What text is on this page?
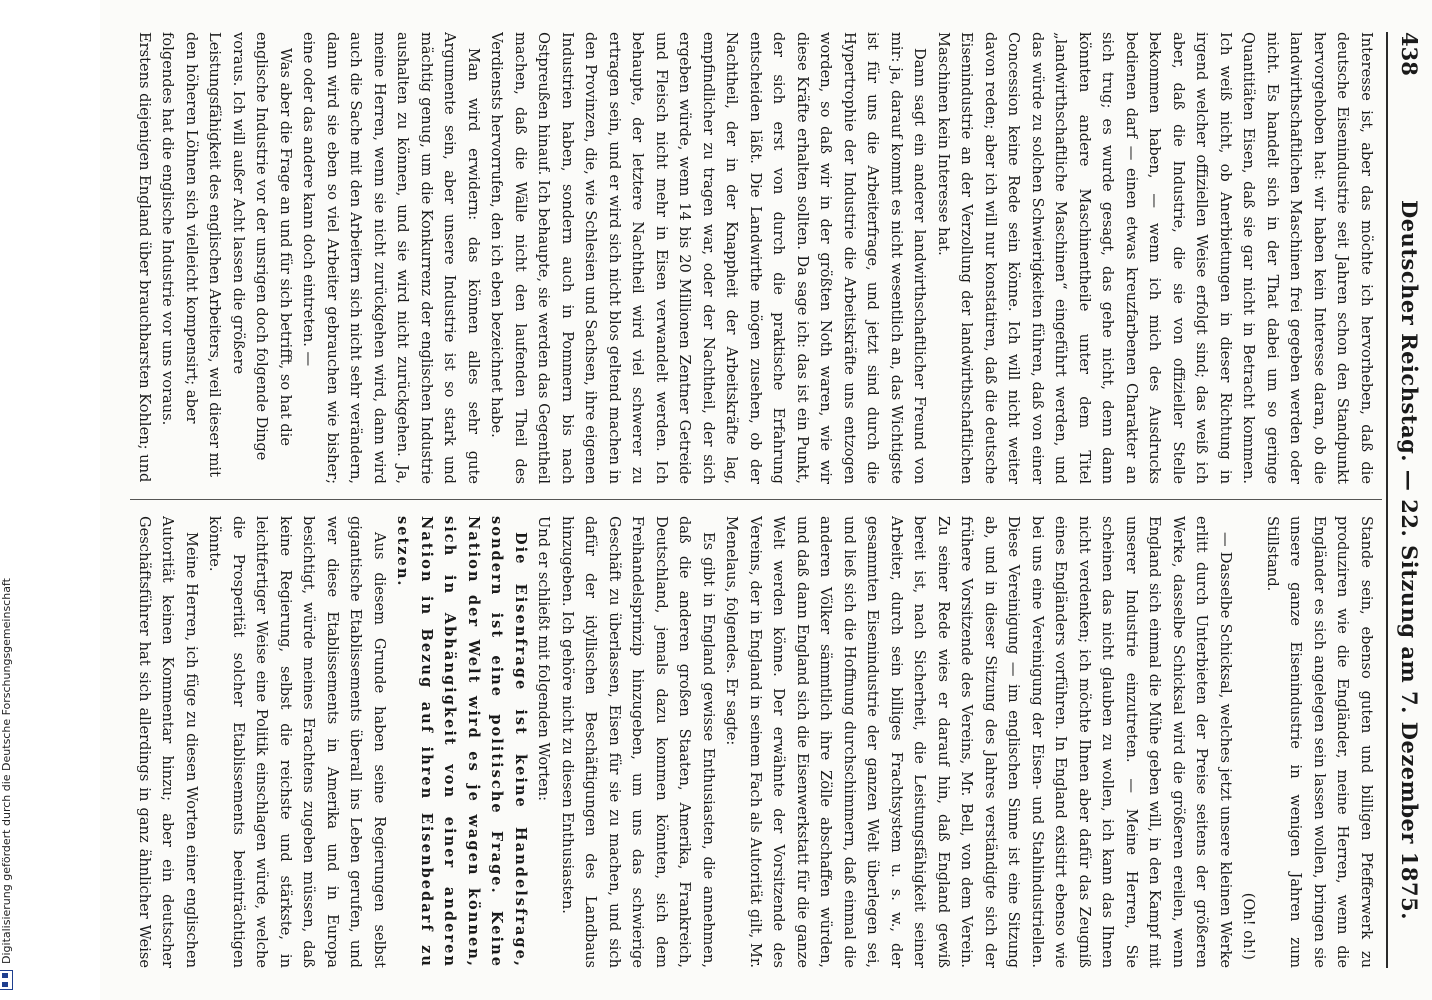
Digitalisierung gefördert durch die Deutsche Forschungsgemeinschaft
438
Deutscher Reichstag. — 22. Sitzung am 7. Dezember 1875.

Interesse ist, aber das möchte ich hervorheben, daß die deutsche Eisenindustrie seit Jahren schon den Standpunkt hervorgehoben hat: wir haben kein Interesse daran, ob die landwirthschaftlichen Maschinen frei gegeben werden oder nicht. Es handelt sich in der That dabei um so geringe Quantitäten Eisen, daß sie gar nicht in Betracht kommen. Ich weiß nicht, ob Anerbietungen in dieser Richtung in irgend welcher offiziellen Weise erfolgt sind; das weiß ich aber, daß die Industrie, die sie von offizieller Stelle bekommen haben, — wenn ich mich des Ausdrucks bedienen darf — einen etwas kreuzfarbenen Charakter an sich trug; es wurde gesagt, das gehe nicht, denn dann könnten andere Maschinentheile unter dem Titel „landwirthschaftliche Maschinen“ eingeführt werden, und das würde zu solchen Schwierigkeiten führen, daß von einer Concession keine Rede sein könne. Ich will nicht weiter davon reden; aber ich will nur konstatiren, daß die deutsche Eisenindustrie an der Verzollung der landwirthschaftlichen Maschinen kein Interesse hat.

Dann sagt ein anderer landwirthschaftlicher Freund von mir: ja, darauf kommt es nicht wesentlich an, das Wichtigste ist für uns die Arbeiterfrage, und jetzt sind durch die Hypertrophie der Industrie die Arbeitskräfte uns entzogen worden, so daß wir in der größten Noth waren, wie wir diese Kräfte erhalten sollten. Da sage ich: das ist ein Punkt, der sich erst von durch die praktische Erfahrung entscheiden läßt. Die Landwirthe mögen zusehen, ob der Nachtheil, der in der Knappheit der Arbeitskräfte lag, empfindlicher zu tragen war, oder der Nachtheil, der sich ergeben würde, wenn 14 bis 20 Millionen Zentner Getreide und Fleisch nicht mehr in Eisen verwandelt werden. Ich behaupte, der letztere Nachtheil wird viel schwerer zu ertragen sein, und er wird sich nicht blos geltend machen in den Provinzen, die, wie Schlesien und Sachsen, ihre eigenen Industrien haben, sondern auch in Pommern bis nach Ostpreußen hinauf. Ich behaupte, sie werden das Gegentheil machen, daß die Wälle nicht den laufenden Theil des Verdiensts hervorrufen, den ich eben bezeichnet habe.

Man wird erwidern: das können alles sehr gute Argumente sein, aber unsere Industrie ist so stark und mächtig genug, um die Konkurrenz der englischen Industrie aushalten zu können, und sie wird nicht zurückgehen. Ja, meine Herren, wenn sie nicht zurückgehen wird, dann wird auch die Sache mit den Arbeitern sich nicht sehr verändern, dann wird sie eben so viel Arbeiter gebrauchen wie bisher; eine oder das andere kann doch eintreten. —

Was aber die Frage an und für sich betrifft, so hat die englische Industrie vor der unsrigen doch folgende Dinge voraus. Ich will außer Acht lassen die größere Leistungsfähigkeit des englischen Arbeiters, weil dieser mit den höheren Löhnen sich vielleicht kompensirt; aber folgendes hat die englische Industrie vor uns voraus. Erstens diejenigen England über brauchbarsten Kohlen; und

Stande sein, ebenso guten und billigen Pfefferwerk zu produziren wie die Engländer, meine Herren, wenn die Engländer es sich angelegen sein lassen wollen, bringen sie unsere ganze Eisenindustrie in wenigen Jahren zum Stillstand.

(Oh! oh!)

— Dasselbe Schicksal, welches jetzt unsere kleinen Werke erlitt durch Unterbieten der Preise seitens der größeren Werke, dasselbe Schicksal wird die größeren ereilen, wenn England sich einmal die Mühe geben will, in den Kampf mit unserer Industrie einzutreten. — Meine Herren, Sie scheinen das nicht glauben zu wollen, ich kann das Ihnen nicht verdenken; ich möchte Ihnen aber dafür das Zeugniß eines Engländers vorführen. In England existirt ebenso wie bei uns eine Vereinigung der Eisen- und Stahlindustriellen. Diese Vereinigung — im englischen Sinne ist eine Sitzung ab, und in dieser Sitzung des Jahres verständigte sich der frühere Vorsitzende des Vereins, Mr. Bell, von dem Verein. Zu seiner Rede wies er darauf hin, daß England gewiß bereit ist, nach Sicherheit, die Leistungsfähigkeit seiner Arbeiter, durch sein billiges Frachtsystem u. s. w., der gesammten Eisenindustrie der ganzen Welt überlegen sei, und ließ sich die Hoffnung durchschimmern, daß einmal die anderen Völker sämmtlich ihre Zölle abschaffen würden, und daß dann England sich die Eisenwerkstatt für die ganze Welt werden könne. Der erwähnte der Vorsitzende des Vereins, der in England in seinem Fach als Autorität gilt, Mr. Menelaus, folgendes. Er sagte:

Es gibt in England gewisse Enthusiasten, die annehmen, daß die anderen großen Staaten, Amerika, Frankreich, Deutschland, jemals dazu kommen könnten, sich dem Freihandelsprinzip hinzugeben, um uns das schwierige Geschäft zu überlassen, Eisen für sie zu machen, und sich dafür der idyllischen Beschäftigungen des Landbaus hinzugeben. Ich gehöre nicht zu diesen Enthusiasten.

Und er schließt mit folgenden Worten:

Die Eisenfrage ist keine Handelsfrage, sondern ist eine politische Frage. Keine Nation der Welt wird es je wagen können, sich in Abhängigkeit von einer anderen Nation in Bezug auf ihren Eisenbedarf zu setzen.

Aus diesem Grunde haben seine Regierungen selbst gigantische Etablissements überall ins Leben gerufen, und wer diese Etablissements in Amerika und in Europa besichtigt, würde meines Erachtens zugeben müssen, daß keine Regierung, selbst die reichste und stärkste, in leichtfertiger Weise eine Politik einschlagen würde, welche die Prosperität solcher Etablissements beeinträchtigen könnte.

Meine Herren, ich füge zu diesen Worten einer englischen Autorität keinen Kommentar hinzu; aber ein deutscher Geschäftsführer hat sich allerdings in ganz ähnlicher Weise
